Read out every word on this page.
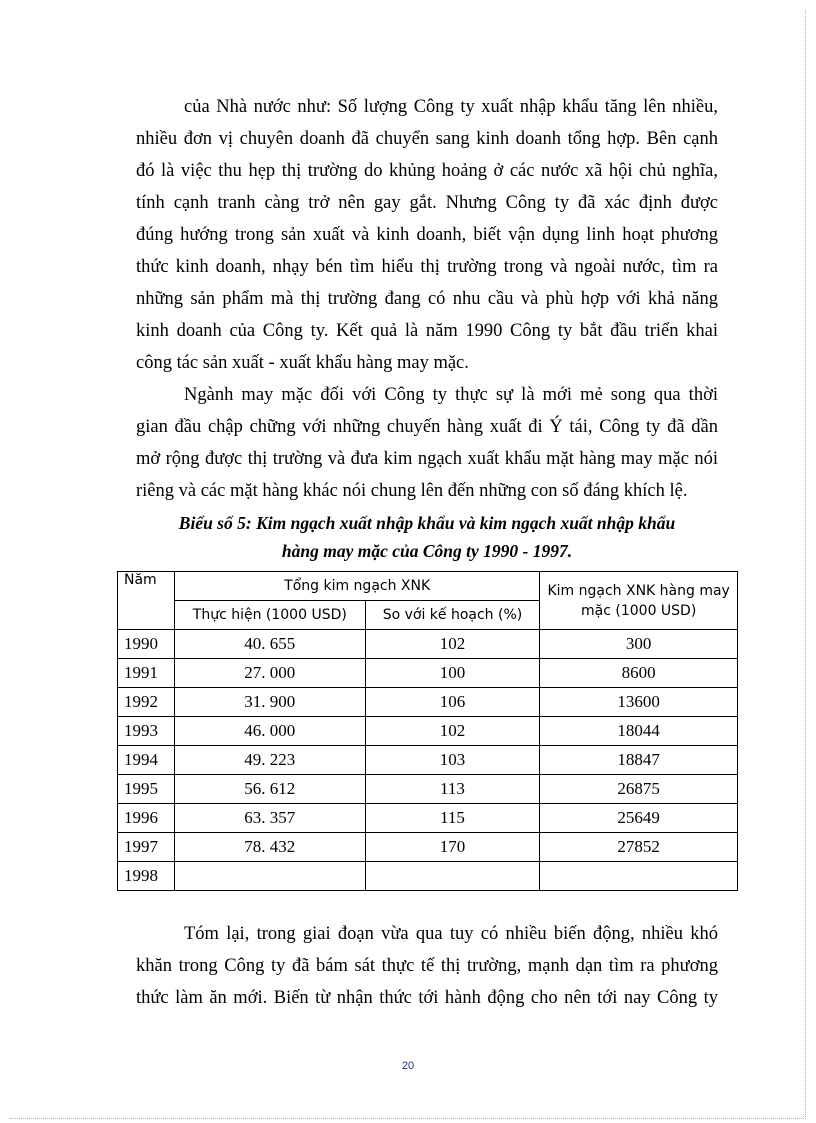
của Nhà nước như: Số lượng Công ty xuất nhập khẩu tăng lên nhiều,
nhiều đơn vị chuyên doanh đã chuyển sang kinh doanh tổng hợp. Bên cạnh
đó là việc thu hẹp thị trường do khủng hoảng ở các nước xã hội chủ nghĩa,
tính cạnh tranh càng trở nên gay gắt. Nhưng Công ty đã xác định được
đúng hướng trong sản xuất và kinh doanh, biết vận dụng linh hoạt phương
thức kinh doanh, nhạy bén tìm hiểu thị trường trong và ngoài nước, tìm ra
những sản phẩm mà thị trường đang có nhu cầu và phù hợp với khả năng
kinh doanh của Công ty. Kết quả là năm 1990 Công ty bắt đầu triển khai
công tác sản xuất - xuất khẩu hàng may mặc.

Ngành may mặc đối với Công ty thực sự là mới mẻ song qua thời
gian đầu chập chững với những chuyến hàng xuất đi Ý tái, Công ty đã dần
mở rộng được thị trường và đưa kim ngạch xuất khẩu mặt hàng may mặc nói
riêng và các mặt hàng khác nói chung lên đến những con số đáng khích lệ.

Biểu số 5: Kim ngạch xuất nhập khẩu và kim ngạch xuất nhập khẩu
hàng may mặc của Công ty 1990 - 1997.
Năm	Tổng kim ngạch XNK		Kim ngạch XNK hàng may mặc (1000 USD)
	Thực hiện (1000 USD)	So với kế hoạch (%)	
1990	40. 655	102	300
1991	27. 000	100	8600
1992	31. 900	106	13600
1993	46. 000	102	18044
1994	49. 223	103	18847
1995	56. 612	113	26875
1996	63. 357	115	25649
1997	78. 432	170	27852
1998			

Tóm lại, trong giai đoạn vừa qua tuy có nhiều biến động, nhiều khó
khăn trong Công ty đã bám sát thực tế thị trường, mạnh dạn tìm ra phương
thức làm ăn mới. Biến từ nhận thức tới hành động cho nên tới nay Công ty

20
